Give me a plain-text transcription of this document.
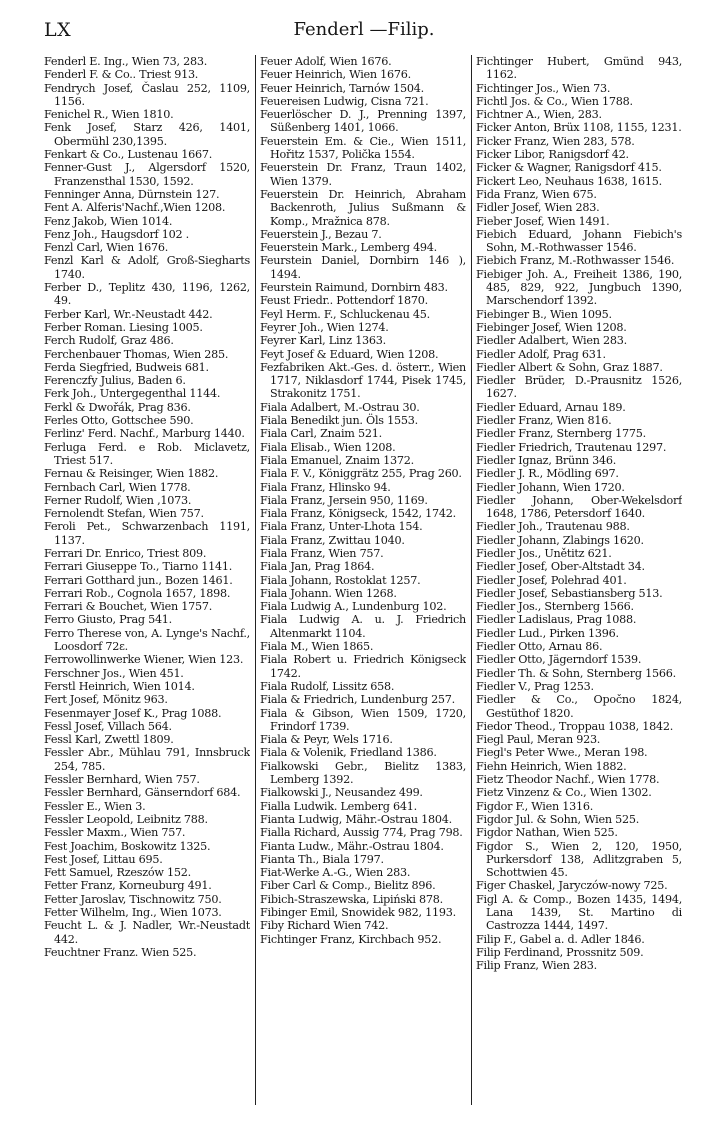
LX	Fenderl —Filip.
Fenderl E. Ing., Wien 73, 283.
Fenderl F. & Co.. Triest 913.
Fendrych Josef, Časlau 252, 1109, 1156.
Fenichel R., Wien 1810.
Fenk Josef, Starz 426, 1401, Obermühl 230,1395.
Fenkart & Co., Lustenau 1667.
Fenner-Gust J., Algersdorf 1520, Franzensthal 1530, 1592.
Fenninger Anna, Dürnstein 127.
Fent A. Alferis'Nachf.,Wien 1208.
Fenz Jakob, Wien 1014.
Fenz Joh., Haugsdorf 102 .
Fenzl Carl, Wien 1676.
Fenzl Karl & Adolf, Groß-Siegharts 1740.
Ferber D., Teplitz 430, 1196, 1262, 49.
Ferber Karl, Wr.-Neustadt 442.
Ferber Roman. Liesing 1005.
Ferch Rudolf, Graz 486.
Ferchenbauer Thomas, Wien 285.
Ferda Siegfried, Budweis 681.
Ferenczfy Julius, Baden 6.
Ferk Joh., Untergegenthal 1144.
Ferkl & Dwořák, Prag 836.
Ferles Otto, Gottschee 590.
Ferlinz' Ferd. Nachf., Marburg 1440.
Ferluga Ferd. e Rob. Miclavetz, Triest 517.
Fernau & Reisinger, Wien 1882.
Fernbach Carl, Wien 1778.
Ferner Rudolf, Wien ,1073.
Fernolendt Stefan, Wien 757.
Feroli Pet., Schwarzenbach 1191, 1137.
Ferrari Dr. Enrico, Triest 809.
Ferrari Giuseppe To., Tiarno 1141.
Ferrari Gotthard jun., Bozen 1461.
Ferrari Rob., Cognola 1657, 1898.
Ferrari & Bouchet, Wien 1757.
Ferro Giusto, Prag 541.
Ferro Therese von, A. Lynge's Nachf., Loosdorf 72ε.
Ferrowollinwerke Wiener, Wien 123.
Ferschner Jos., Wien 451.
Ferstl Heinrich, Wien 1014.
Fert Josef, Mönitz 963.
Fesenmayer Josef K., Prag 1088.
Fessl Josef, Villach 564.
Fessl Karl, Zwettl 1809.
Fessler Abr., Mühlau 791, Innsbruck 254, 785.
Fessler Bernhard, Wien 757.
Fessler Bernhard, Gänserndorf 684.
Fessler E., Wien 3.
Fessler Leopold, Leibnitz 788.
Fessler Maxm., Wien 757.
Fest Joachim, Boskowitz 1325.
Fest Josef, Littau 695.
Fett Samuel, Rzeszów 152.
Fetter Franz, Korneuburg 491.
Fetter Jaroslav, Tischnowitz 750.
Fetter Wilhelm, Ing., Wien 1073.
Feucht L. & J. Nadler, Wr.-Neustadt 442.
Feuchtner Franz. Wien 525.
Feuer Adolf, Wien 1676.
Feuer Heinrich, Wien 1676.
Feuer Heinrich, Tarnów 1504.
Feuereisen Ludwig, Cisna 721.
Feuerlöscher D. J., Prenning 1397, Süßenberg 1401, 1066.
Feuerstein Em. & Cie., Wien 1511, Hořitz 1537, Polička 1554.
Feuerstein Dr. Franz, Traun 1402, Wien 1379.
Feuerstein Dr. Heinrich, Abraham Backenroth, Julius Sußmann & Komp., Mražnica 878.
Feuerstein J., Bezau 7.
Feuerstein Mark., Lemberg 494.
Feurstein Daniel, Dornbirn 146 ), 1494.
Feurstein Raimund, Dornbirn 483.
Feust Friedr.. Pottendorf 1870.
Feyl Herm. F., Schluckenau 45.
Feyrer Joh., Wien 1274.
Feyrer Karl, Linz 1363.
Feyt Josef & Eduard, Wien 1208.
Fezfabriken Akt.-Ges. d. österr., Wien 1717, Niklasdorf 1744, Pisek 1745, Strakonitz 1751.
Fiala Adalbert, M.-Ostrau 30.
Fiala Benedikt jun. Öls 1553.
Fiala Carl, Znaim 521.
Fiala Elisab., Wien 1208.
Fiala Emanuel, Znaim 1372.
Fiala F. V., Königgrätz 255, Prag 260.
Fiala Franz, Hlinsko 94.
Fiala Franz, Jersein 950, 1169.
Fiala Franz, Königseck, 1542, 1742.
Fiala Franz, Unter-Lhota 154.
Fiala Franz, Zwittau 1040.
Fiala Franz, Wien 757.
Fiala Jan, Prag 1864.
Fiala Johann, Rostoklat 1257.
Fiala Johann. Wien 1268.
Fiala Ludwig A., Lundenburg 102.
Fiala Ludwig A. u. J. Friedrich Altenmarkt 1104.
Fiala M., Wien 1865.
Fiala Robert u. Friedrich Königseck 1742.
Fiala Rudolf, Lissitz 658.
Fiala & Friedrich, Lundenburg 257.
Fiala & Gibson, Wien 1509, 1720, Frindorf 1739.
Fiala & Peyr, Wels 1716.
Fiala & Volenik, Friedland 1386.
Fialkowski Gebr., Bielitz 1383, Lemberg 1392.
Fialkowski J., Neusandez 499.
Fialla Ludwik. Lemberg 641.
Fianta Ludwig, Mähr.-Ostrau 1804.
Fialla Richard, Aussig 774, Prag 798.
Fianta Ludw., Mähr.-Ostrau 1804.
Fianta Th., Biala 1797.
Fiat-Werke A.-G., Wien 283.
Fiber Carl & Comp., Bielitz 896.
Fibich-Straszewska, Lipiński 878.
Fibinger Emil, Snowidek 982, 1193.
Fiby Richard Wien 742.
Fichtinger Franz, Kirchbach 952.
Fichtinger Hubert, Gmünd 943, 1162.
Fichtinger Jos., Wien 73.
Fichtl Jos. & Co., Wien 1788.
Fichtner A., Wien, 283.
Ficker Anton, Brüx 1108, 1155, 1231.
Ficker Franz, Wien 283, 578.
Ficker Libor, Ranigsdorf 42.
Ficker & Wagner, Ranigsdorf 415.
Fickert Leo, Neuhaus 1638, 1615.
Fida Franz, Wien 675.
Fidler Josef, Wien 283.
Fieber Josef, Wien 1491.
Fiebich Eduard, Johann Fiebich's Sohn, M.-Rothwasser 1546.
Fiebich Franz, M.-Rothwasser 1546.
Fiebiger Joh. A., Freiheit 1386, 190, 485, 829, 922, Jungbuch 1390, Marschendorf 1392.
Fiebinger B., Wien 1095.
Fiebinger Josef, Wien 1208.
Fiedler Adalbert, Wien 283.
Fiedler Adolf, Prag 631.
Fiedler Albert & Sohn, Graz 1887.
Fiedler Brüder, D.-Prausnitz 1526, 1627.
Fiedler Eduard, Arnau 189.
Fiedler Franz, Wien 816.
Fiedler Franz, Sternberg 1775.
Fiedler Friedrich, Trautenau 1297.
Fiedler Ignaz, Brünn 346.
Fiedler J. R., Mödling 697.
Fiedler Johann, Wien 1720.
Fiedler Johann, Ober-Wekelsdorf 1648, 1786, Petersdorf 1640.
Fiedler Joh., Trautenau 988.
Fiedler Johann, Zlabings 1620.
Fiedler Jos., Unětitz 621.
Fiedler Josef, Ober-Altstadt 34.
Fiedler Josef, Polehrad 401.
Fiedler Josef, Sebastiansberg 513.
Fiedler Jos., Sternberg 1566.
Fiedler Ladislaus, Prag 1088.
Fiedler Lud., Pirken 1396.
Fiedler Otto, Arnau 86.
Fiedler Otto, Jägerndorf 1539.
Fiedler Th. & Sohn, Sternberg 1566.
Fiedler V., Prag 1253.
Fiedler & Co., Opočno 1824, Gestüthof 1820.
Fiedor Theod., Troppau 1038, 1842.
Fiegl Paul, Meran 923.
Fiegl's Peter Wwe., Meran 198.
Fiehn Heinrich, Wien 1882.
Fietz Theodor Nachf., Wien 1778.
Fietz Vinzenz & Co., Wien 1302.
Figdor F., Wien 1316.
Figdor Jul. & Sohn, Wien 525.
Figdor Nathan, Wien 525.
Figdor S., Wien 2, 120, 1950, Purkersdorf 138, Adlitzgraben 5, Schottwien 45.
Figer Chaskel, Jaryczów-nowy 725.
Figl A. & Comp., Bozen 1435, 1494, Lana 1439, St. Martino di Castrozza 1444, 1497.
Filip F., Gabel a. d. Adler 1846.
Filip Ferdinand, Prossnitz 509.
Filip Franz, Wien 283.
